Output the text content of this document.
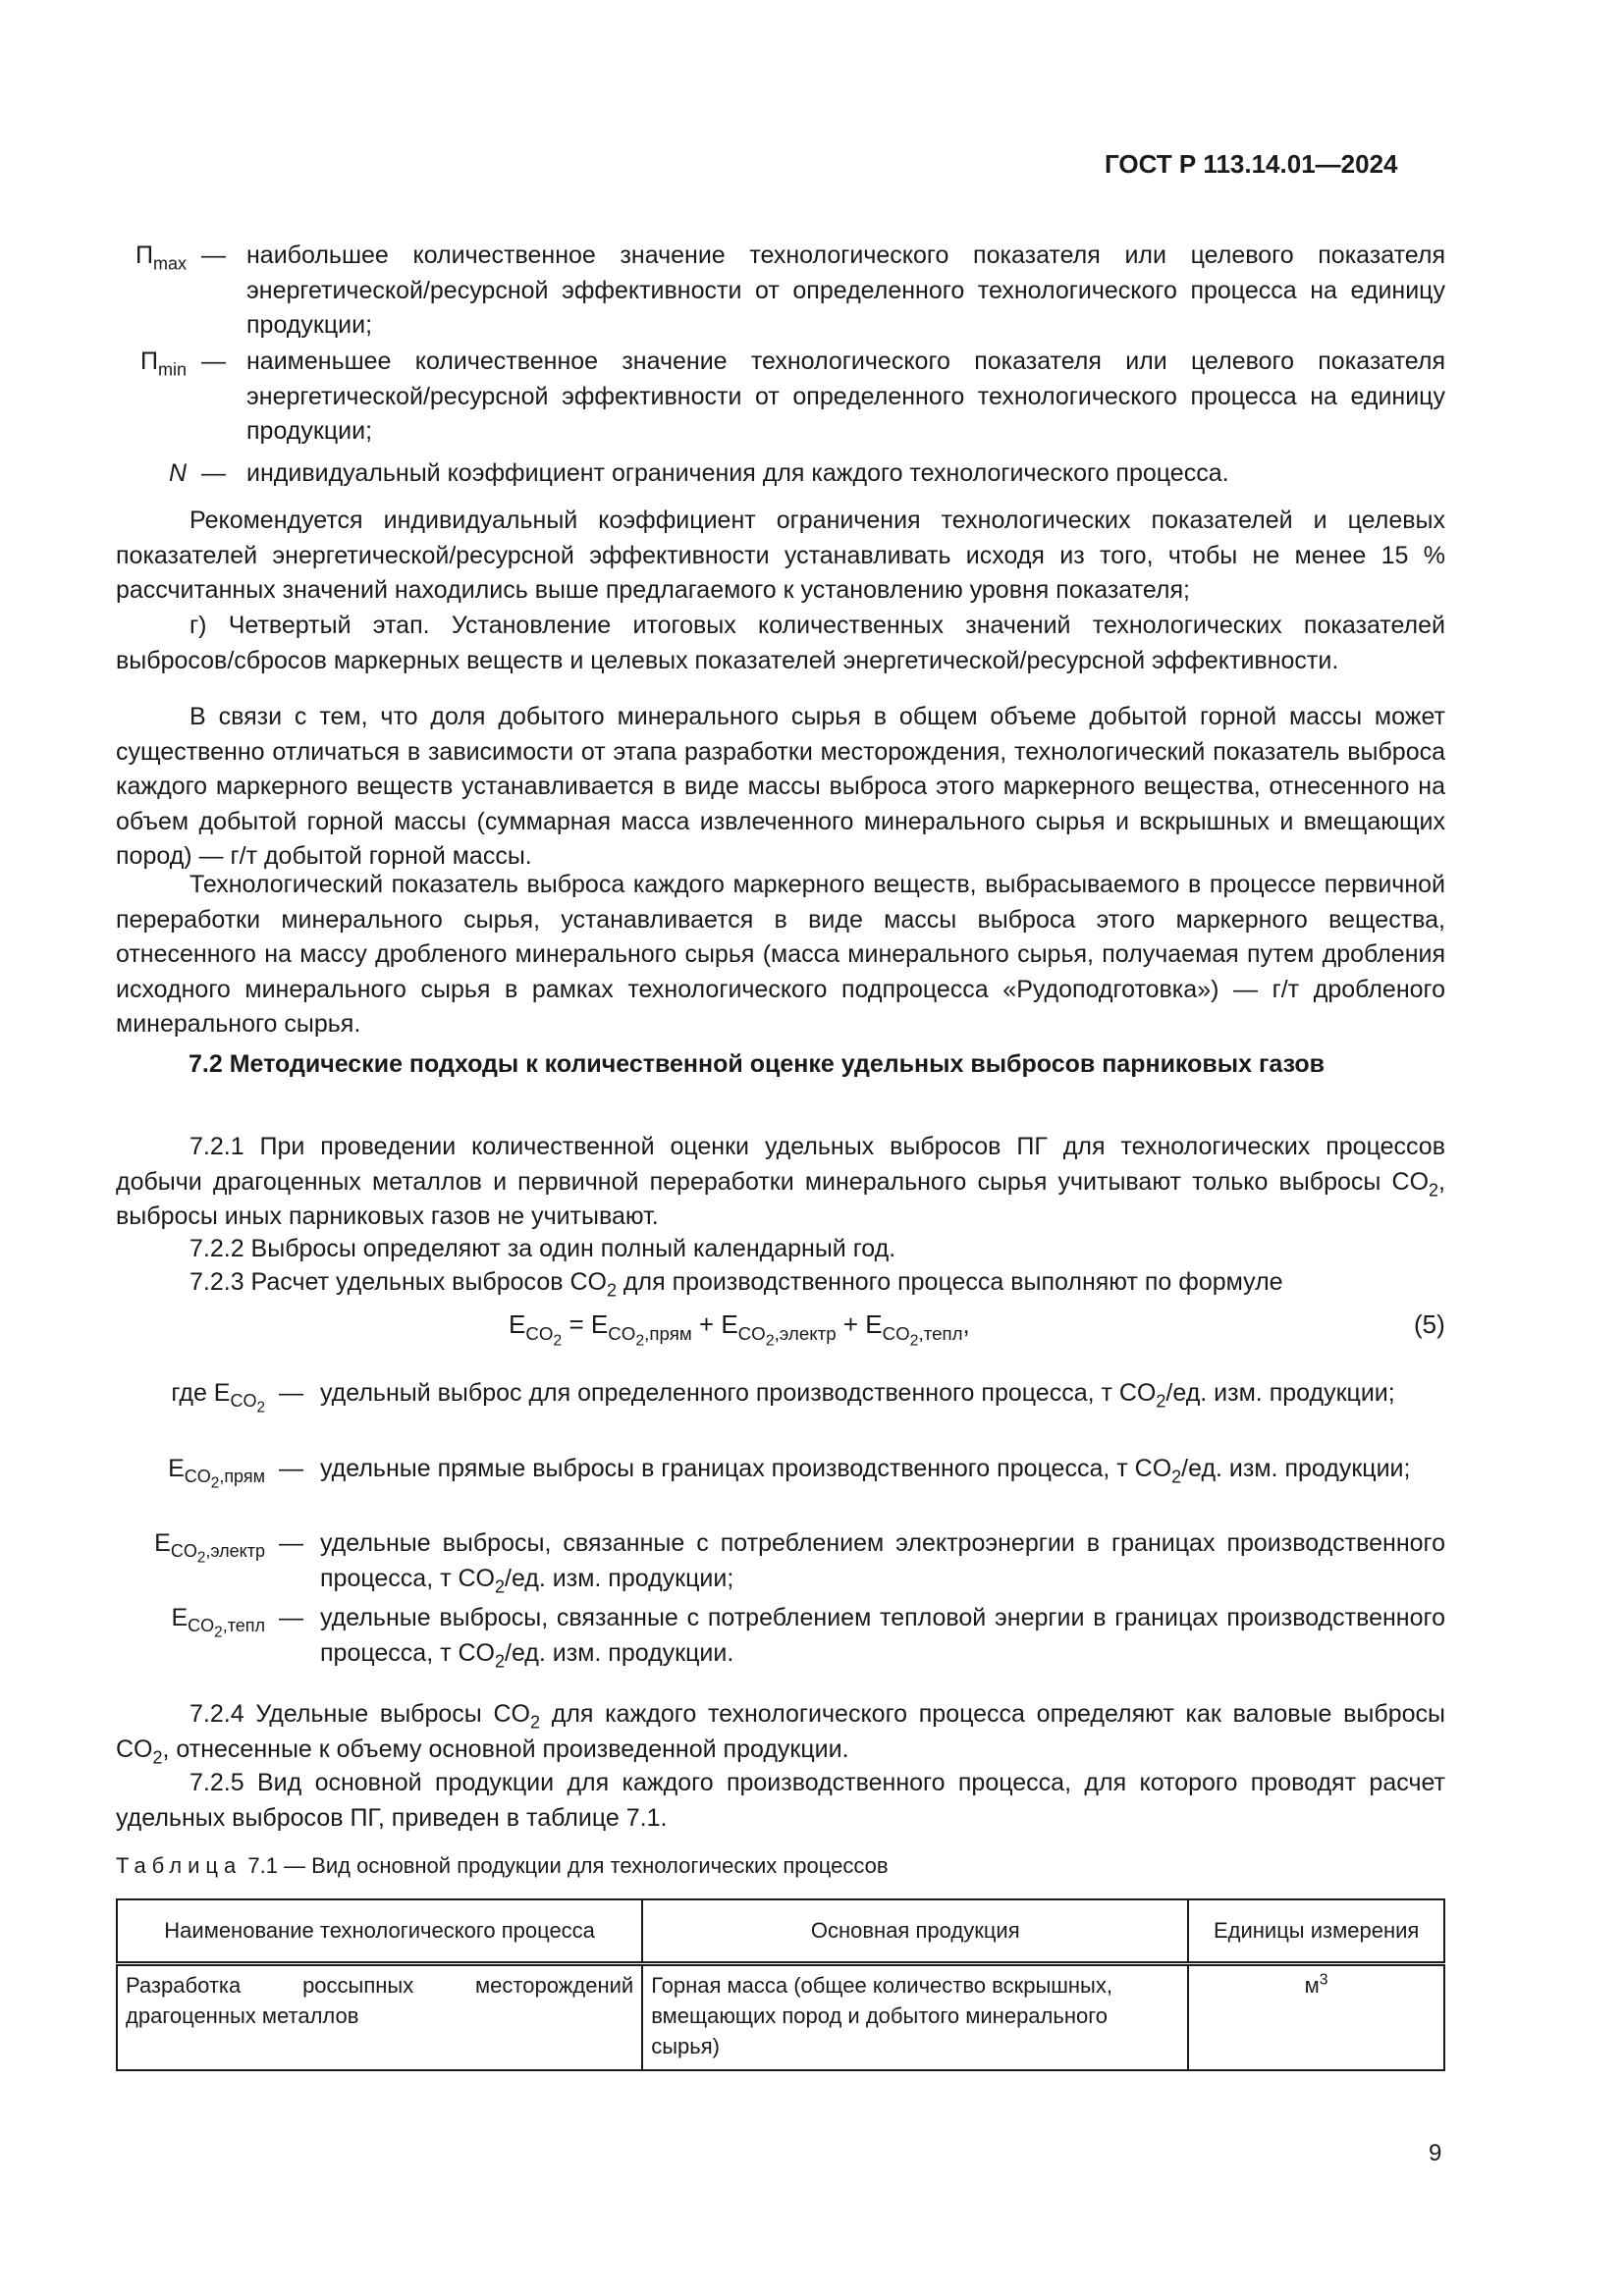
ГОСТ Р 113.14.01—2024
$П_{max}$ — наибольшее количественное значение технологического показателя или целевого показателя энергетической/ресурсной эффективности от определенного технологического процесса на единицу продукции;
$П_{min}$ — наименьшее количественное значение технологического показателя или целевого показателя энергетической/ресурсной эффективности от определенного технологического процесса на единицу продукции;
N — индивидуальный коэффициент ограничения для каждого технологического процесса.

Рекомендуется индивидуальный коэффициент ограничения технологических показателей и целевых показателей энергетической/ресурсной эффективности устанавливать исходя из того, чтобы не менее 15 % рассчитанных значений находились выше предлагаемого к установлению уровня показателя;

г) Четвертый этап. Установление итоговых количественных значений технологических показателей выбросов/сбросов маркерных веществ и целевых показателей энергетической/ресурсной эффективности.

В связи с тем, что доля добытого минерального сырья в общем объеме добытой горной массы может существенно отличаться в зависимости от этапа разработки месторождения, технологический показатель выброса каждого маркерного веществ устанавливается в виде массы выброса этого маркерного вещества, отнесенного на объем добытой горной массы (суммарная масса извлеченного минерального сырья и вскрышных и вмещающих пород) — г/т добытой горной массы.

Технологический показатель выброса каждого маркерного веществ, выбрасываемого в процессе первичной переработки минерального сырья, устанавливается в виде массы выброса этого маркерного вещества, отнесенного на массу дробленого минерального сырья (масса минерального сырья, получаемая путем дробления исходного минерального сырья в рамках технологического подпроцесса «Рудоподготовка») — г/т дробленого минерального сырья.

7.2 Методические подходы к количественной оценке удельных выбросов парниковых газов

7.2.1 При проведении количественной оценки удельных выбросов ПГ для технологических процессов добычи драгоценных металлов и первичной переработки минерального сырья учитывают только выбросы $CO_2$, выбросы иных парниковых газов не учитывают.

7.2.2 Выбросы определяют за один полный календарный год.

7.2.3 Расчет удельных выбросов $CO_2$ для производственного процесса выполняют по формуле

$E_{CO_2} = E_{CO_2,прям} + E_{CO_2,электр} + E_{CO_2,тепл}$,	(5)
где $E_{CO_2}$
— удельный выброс для определенного производственного процесса, т $CO_2/ед$. изм. продукции;
$E_{CO_2,прям}$ — удельные прямые выбросы в границах производственного процесса, т $CO_2/ед$. изм. продукции;
$E_{CO_2,электр}$ — удельные выбросы, связанные с потреблением электроэнергии в границах производственного процесса, т $CO_2/ед$. изм. продукции;
$E_{CO_2,тепл}$ — удельные выбросы, связанные с потреблением тепловой энергии в границах производственного процесса, т $CO_2/ед$. изм. продукции.

7.2.4 Удельные выбросы $CO_2$ для каждого технологического процесса определяют как валовые выбросы $CO_2$, отнесенные к объему основной произведенной продукции.

7.2.5 Вид основной продукции для каждого производственного процесса, для которого проводят расчет удельных выбросов ПГ, приведен в таблице 7.1.

Таблица 7.1 — Вид основной продукции для технологических процессов
Наименование технологического процесса	Основная продукция	Единицы измерения
Разработка россыпных месторождений драгоценных металлов	Горная масса (общее количество вскрышных, вмещающих пород и добытого минерального сырья)	$м^3$
9
